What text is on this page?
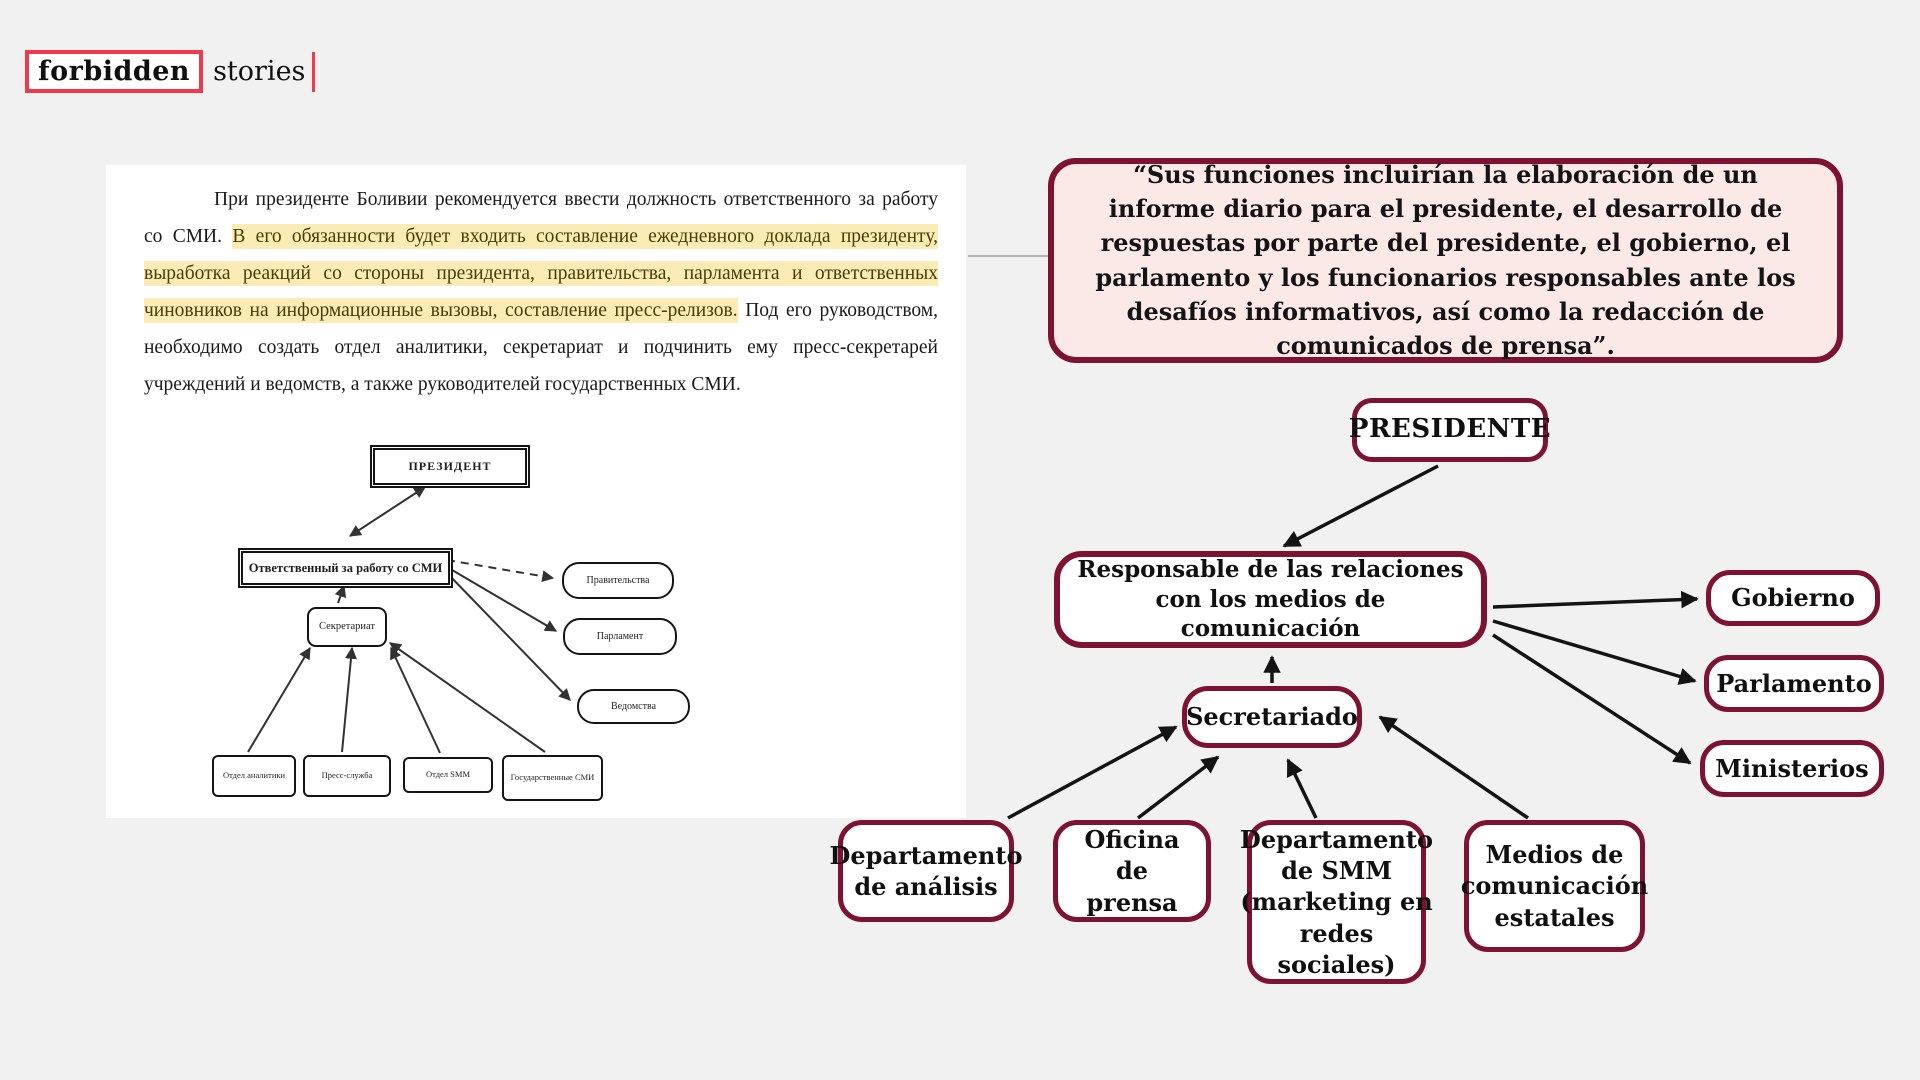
forbidden stories

При президенте Боливии рекомендуется ввести должность ответственного за работу со СМИ. В его обязанности будет входить составление ежедневного доклада президенту, выработка реакций со стороны президента, правительства, парламента и ответственных чиновников на информационные вызовы, составление пресс-релизов. Под его руководством, необходимо создать отдел аналитики, секретариат и подчинить ему пресс-секретарей учреждений и ведомств, а также руководителей государственных СМИ.

ПРЕЗИДЕНТ
Ответственный за работу со СМИ
Секретариат
Правительства
Парламент
Ведомства
Отдел аналитики	Пресс-служба	Отдел SMM	Государственные СМИ

“Sus funciones incluirían la elaboración de un informe diario para el presidente, el desarrollo de respuestas por parte del presidente, el gobierno, el parlamento y los funcionarios responsables ante los desafíos informativos, así como la redacción de comunicados de prensa”.

PRESIDENTE
Responsable de las relaciones con los medios de comunicación
Gobierno
Parlamento
Ministerios
Secretariado
Departamento de análisis
Oficina de prensa
Departamento de SMM (marketing en redes sociales)
Medios de comunicación estatales
